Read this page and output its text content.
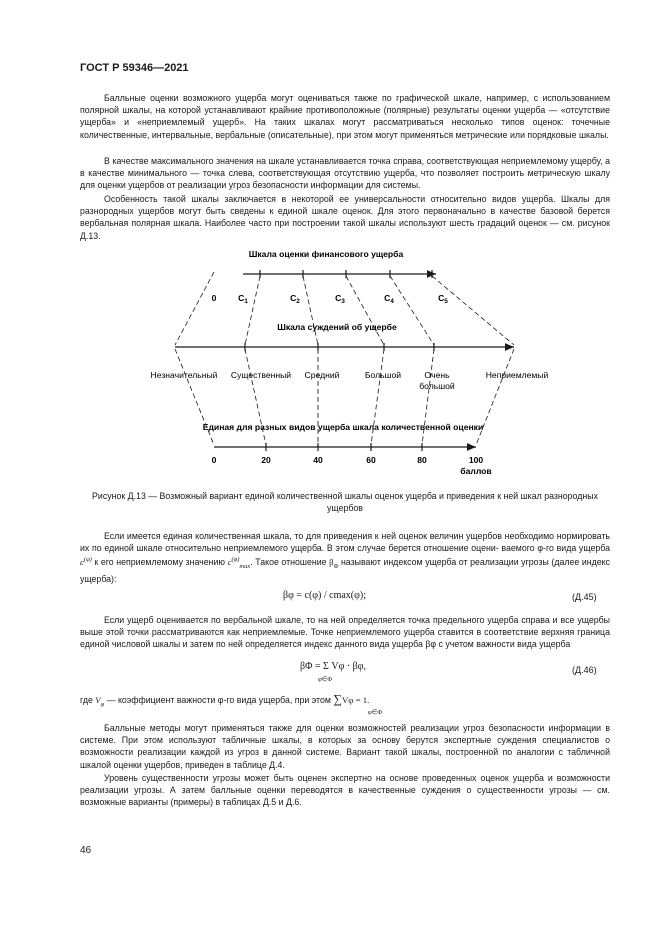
ГОСТ Р 59346—2021

Балльные оценки возможного ущерба могут оцениваться также по графической шкале, например, с использованием полярной шкалы, на которой устанавливают крайние противоположные (полярные) результаты оценки ущерба — «отсутствие ущерба» и «неприемлемый ущерб». На таких шкалах могут рассматриваться несколько типов оценок: точечные количественные, интервальные, вербальные (описательные), при этом могут применяться метрические или порядковые шкалы.

В качестве максимального значения на шкале устанавливается точка справа, соответствующая неприемлемому ущербу, а в качестве минимального — точка слева, соответствующая отсутствию ущерба, что позволяет построить метрическую шкалу для оценки ущербов от реализации угроз безопасности информации для системы.

Особенность такой шкалы заключается в некоторой ее универсальности относительно видов ущерба. Шкалы для разнородных ущербов могут быть сведены к единой шкале оценок. Для этого первоначально в качестве базовой берется вербальная полярная шкала. Наиболее часто при построении такой шкалы используют шесть градаций оценок — см. рисунок Д.13.

Шкала оценки финансового ущерба
0	$C_1$	$C_2$	$C_3$	$C_4$	$C_5$
Шкала суждений об ущербе
Незначительный Существенный Средний	Большой	Очень
большой
Неприемлемый
Единая для разных видов ущерба шкала количественной оценки
0	20	40	60	80	100
баллов
Рисунок Д.13 — Возможный вариант единой количественной шкалы оценок ущерба и приведения к ней шкал разнородных ущербов

Если имеется единая количественная шкала, то для приведения к ней оценок величин ущербов необходимо нормировать их по единой шкале относительно неприемлемого ущерба. В этом случае берется отношение оцени- ваемого φ-го вида ущерба $c^{(\varphi)}$ к его неприемлемому значению $c^{(\varphi)}_{max}$. Такое отношение $\beta_\Phi$ называют индексом ущерба от реализации угрозы (далее индекс ущерба):

βφ = c(φ) / cmax(φ);	(Д.45)

Если ущерб оценивается по вербальной шкале, то на ней определяется точка предельного ущерба справа и все ущербы выше этой точки рассматриваются как неприемлемые. Точке неприемлемого ущерба ставится в соответствие верхняя граница единой числовой шкалы и затем по ней определяется индекс данного вида ущерба βφ с учетом важности вида ущерба

βΦ = Σ Vφ · βφ,
φ∈Φ
(Д.46)
где $V_\varphi$ — коэффициент важности φ-го вида ущерба, при этом ∑Vφ = 1.
φ∈Φ

Балльные методы могут применяться также для оценки возможностей реализации угроз безопасности информации в системе. При этом используют табличные шкалы, в которых за основу берутся экспертные суждения специалистов о возможности реализации каждой из угроз в данной системе. Вариант такой шкалы, построенной по аналогии с табличной шкалой оценки ущербов, приведен в таблице Д.4.

Уровень существенности угрозы может быть оценен экспертно на основе проведенных оценок ущерба и возможности реализации угрозы. А затем балльные оценки переводятся в качественные суждения о существенности угрозы — см. возможные варианты (примеры) в таблицах Д.5 и Д.6.

46
